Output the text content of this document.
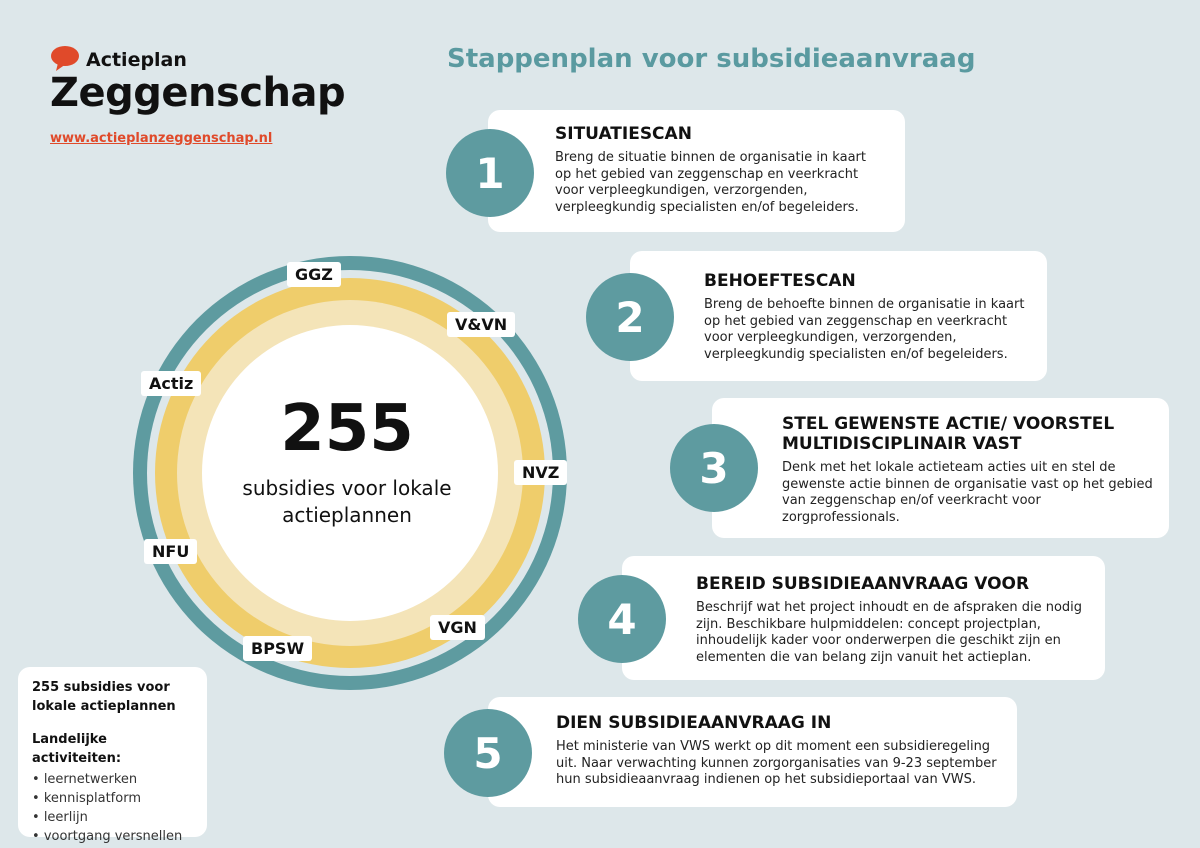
Actieplan
Zeggenschap
www.actieplanzeggenschap.nl
Stappenplan voor subsidieaanvraag
SITUATIESCAN
Breng de situatie binnen de organisatie in kaart op het gebied van zeggenschap en veerkracht voor verpleegkundigen, verzorgenden, verpleegkundig specialisten en/of begeleiders.
1
BEHOEFTESCAN
Breng de behoefte binnen de organisatie in kaart op het gebied van zeggenschap en veerkracht voor verpleegkundigen, verzorgenden, verpleegkundig specialisten en/of begeleiders.
2
STEL GEWENSTE ACTIE/ VOORSTEL MULTIDISCIPLINAIR VAST
Denk met het lokale actieteam acties uit en stel de gewenste actie binnen de organisatie vast op het gebied van zeggenschap en/of veerkracht voor zorgprofessionals.
3
BEREID SUBSIDIEAANVRAAG VOOR
Beschrijf wat het project inhoudt en de afspraken die nodig zijn. Beschikbare hulpmiddelen: concept projectplan, inhoudelijk kader voor onderwerpen die geschikt zijn en elementen die van belang zijn vanuit het actieplan.
4
DIEN SUBSIDIEAANVRAAG IN
Het ministerie van VWS werkt op dit moment een subsidieregeling uit. Naar verwachting kunnen zorgorganisaties van 9-23 september hun subsidieaanvraag indienen op het subsidieportaal van VWS.
5
GGZ
V&VN
NVZ
VGN
BPSW
NFU
Actiz
255
subsidies voor lokale actieplannen
255 subsidies voor lokale actieplannen
Landelijke activiteiten:
• leernetwerken
• kennisplatform
• leerlijn
• voortgang versnellen
